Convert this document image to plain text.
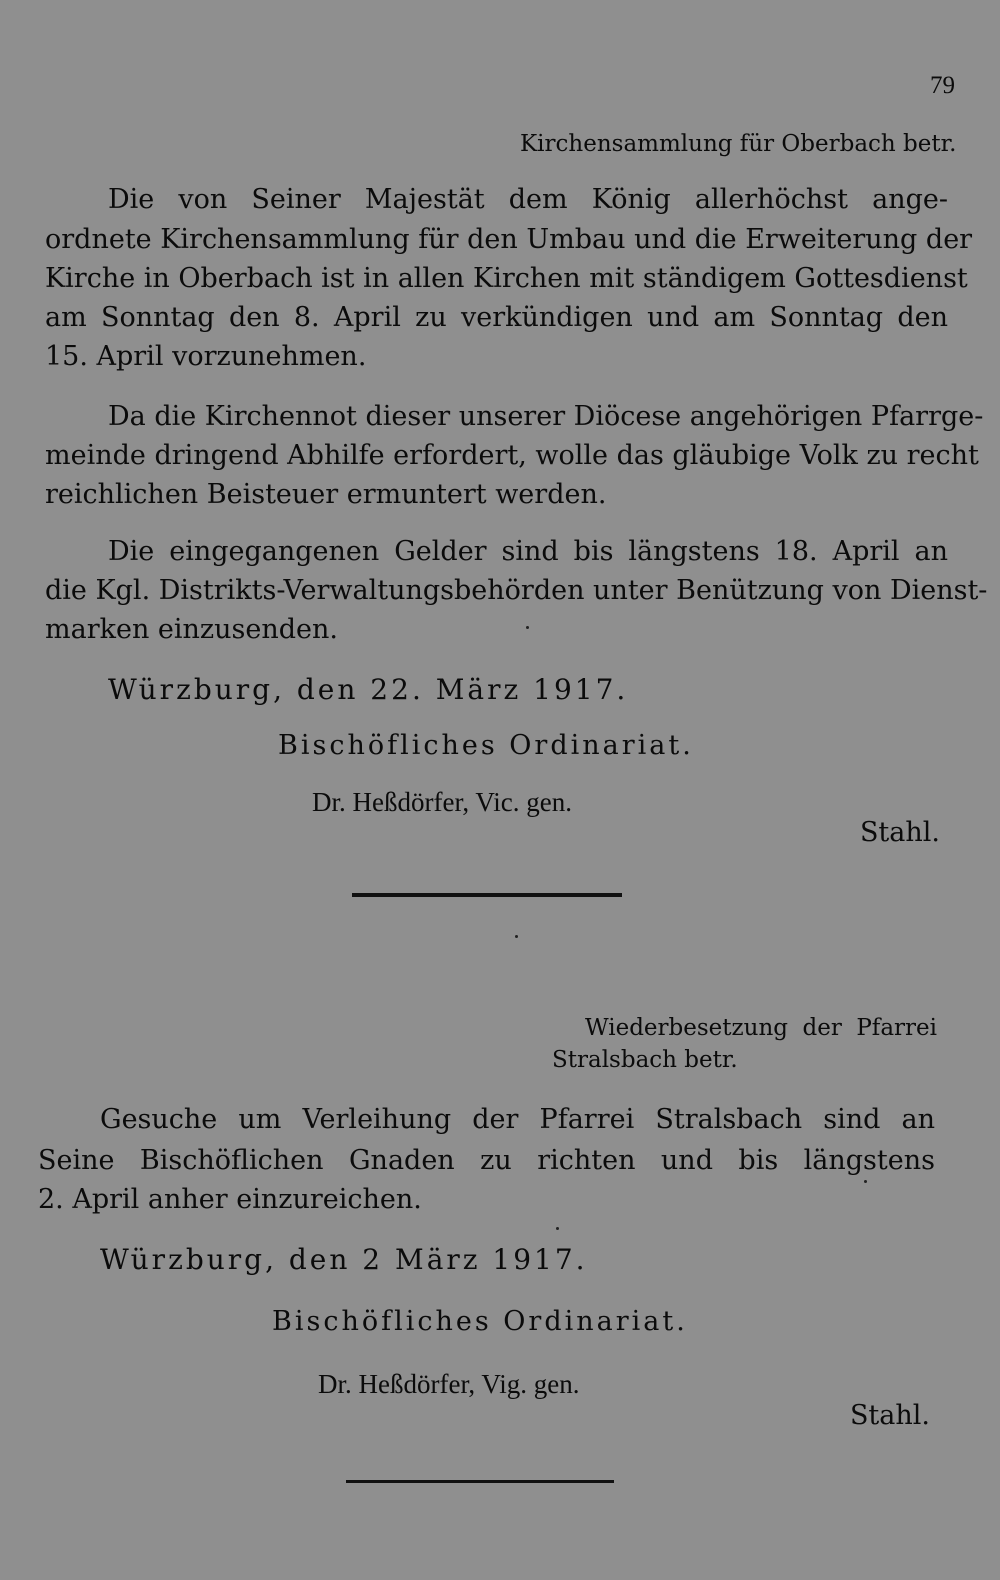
79
Kirchensammlung für Oberbach betr.
Die von Seiner Majestät dem König allerhöchst ange-
ordnete Kirchensammlung für den Umbau und die Erweiterung der
Kirche in Oberbach ist in allen Kirchen mit ständigem Gottesdienst
am Sonntag den 8. April zu verkündigen und am Sonntag den
15. April vorzunehmen.
Da die Kirchennot dieser unserer Diöcese angehörigen Pfarrge-
meinde dringend Abhilfe erfordert, wolle das gläubige Volk zu recht
reichlichen Beisteuer ermuntert werden.
Die eingegangenen Gelder sind bis längstens 18. April an
die Kgl. Distrikts-Verwaltungsbehörden unter Benützung von Dienst-
marken einzusenden.
Würzburg, den 22. März 1917.
Bischöfliches Ordinariat.
Dr. Heßdörfer, Vic. gen.
Stahl.
Wiederbesetzung der Pfarrei
Stralsbach betr.
Gesuche um Verleihung der Pfarrei Stralsbach sind an
Seine Bischöflichen Gnaden zu richten und bis längstens
2. April anher einzureichen.
Würzburg, den 2 März 1917.
Bischöfliches Ordinariat.
Dr. Heßdörfer, Vig. gen.
Stahl.
